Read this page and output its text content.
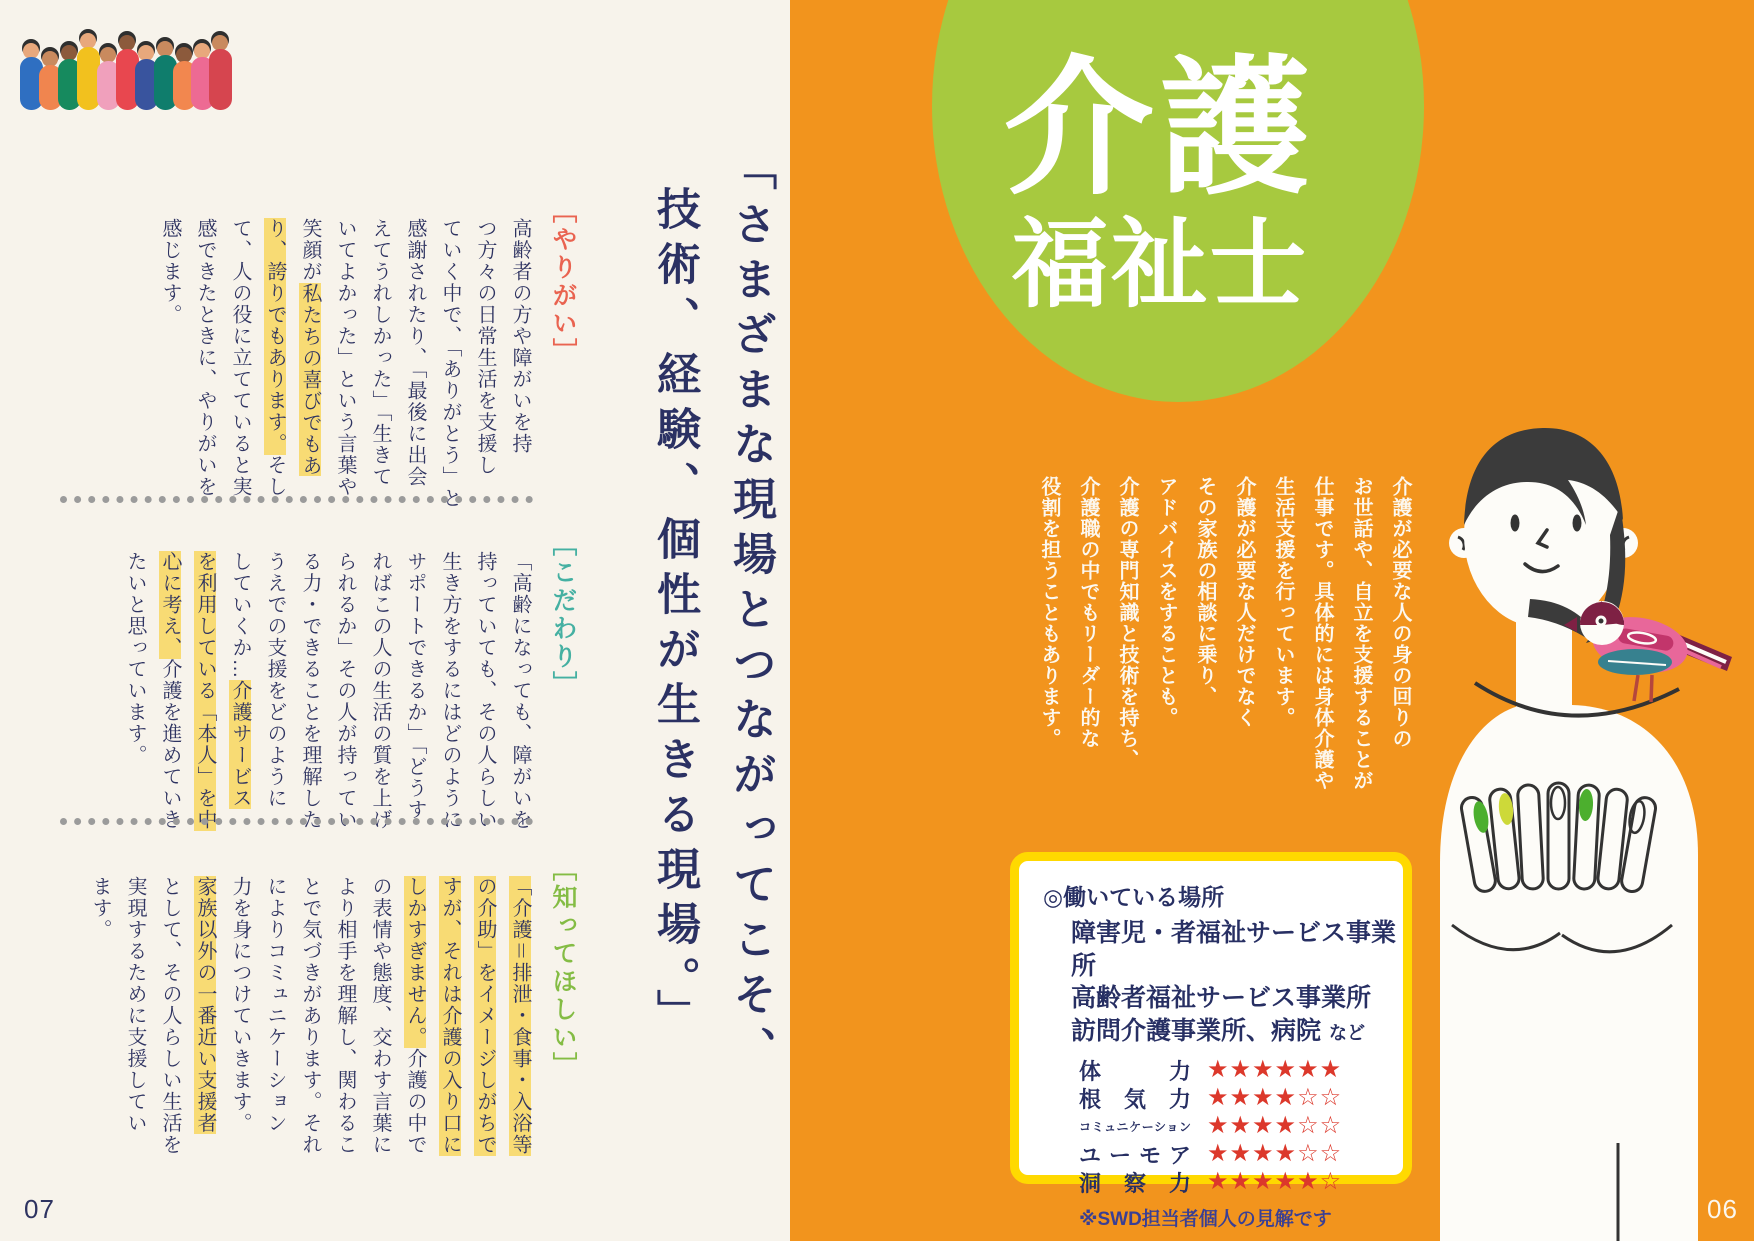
「さまざまな現場とつながってこそ、
技術、経験、個性が生きる現場。」
［やりがい］
高齢者の方や障がいを持
つ方々の日常生活を支援し
ていく中で、「ありがとう」と
感謝されたり、「最後に出会
えてうれしかった」「生きて
いてよかった」という言葉や
笑顔が私たちの喜びでもあ
り、誇りでもあります。そし
て、人の役に立てていると実
感できたときに、やりがいを
感じます。
［こだわり］
「高齢になっても、障がいを
持っていても、その人らしい
生き方をするにはどのように
サポートできるか」「どうす
ればこの人の生活の質を上げ
られるか」その人が持ってい
る力・できることを理解した
うえでの支援をどのように
していくか…介護サービス
を利用している「本人」を中
心に考え、介護を進めていき
たいと思っています。
［知ってほしい］
「介護＝排泄・食事・入浴等
の介助」をイメージしがちで
すが、それは介護の入り口に
しかすぎません。介護の中で
の表情や態度、交わす言葉に
より相手を理解し、関わるこ
とで気づきがあります。それ
によりコミュニケーション
力を身につけていきます。
家族以外の一番近い支援者
として、その人らしい生活を
実現するために支援してい
ます。
07
介護
福祉士
介護が必要な人の身の回りの
お世話や、自立を支援することが
仕事です。具体的には身体介護や
生活支援を行っています。
介護が必要な人だけでなく
その家族の相談に乗り、
アドバイスをすることも。
介護の専門知識と技術を持ち、
介護職の中でもリーダー的な
役割を担うこともあります。
◎働いている場所
障害児・者福祉サービス事業所
高齢者福祉サービス事業所
訪問介護事業所、病院 など
体力 ★★★★★★
根気力 ★★★★☆☆
コミュニケーション ★★★★☆☆
ユーモア ★★★★☆☆
洞察力 ★★★★★☆
※SWD担当者個人の見解です	06
